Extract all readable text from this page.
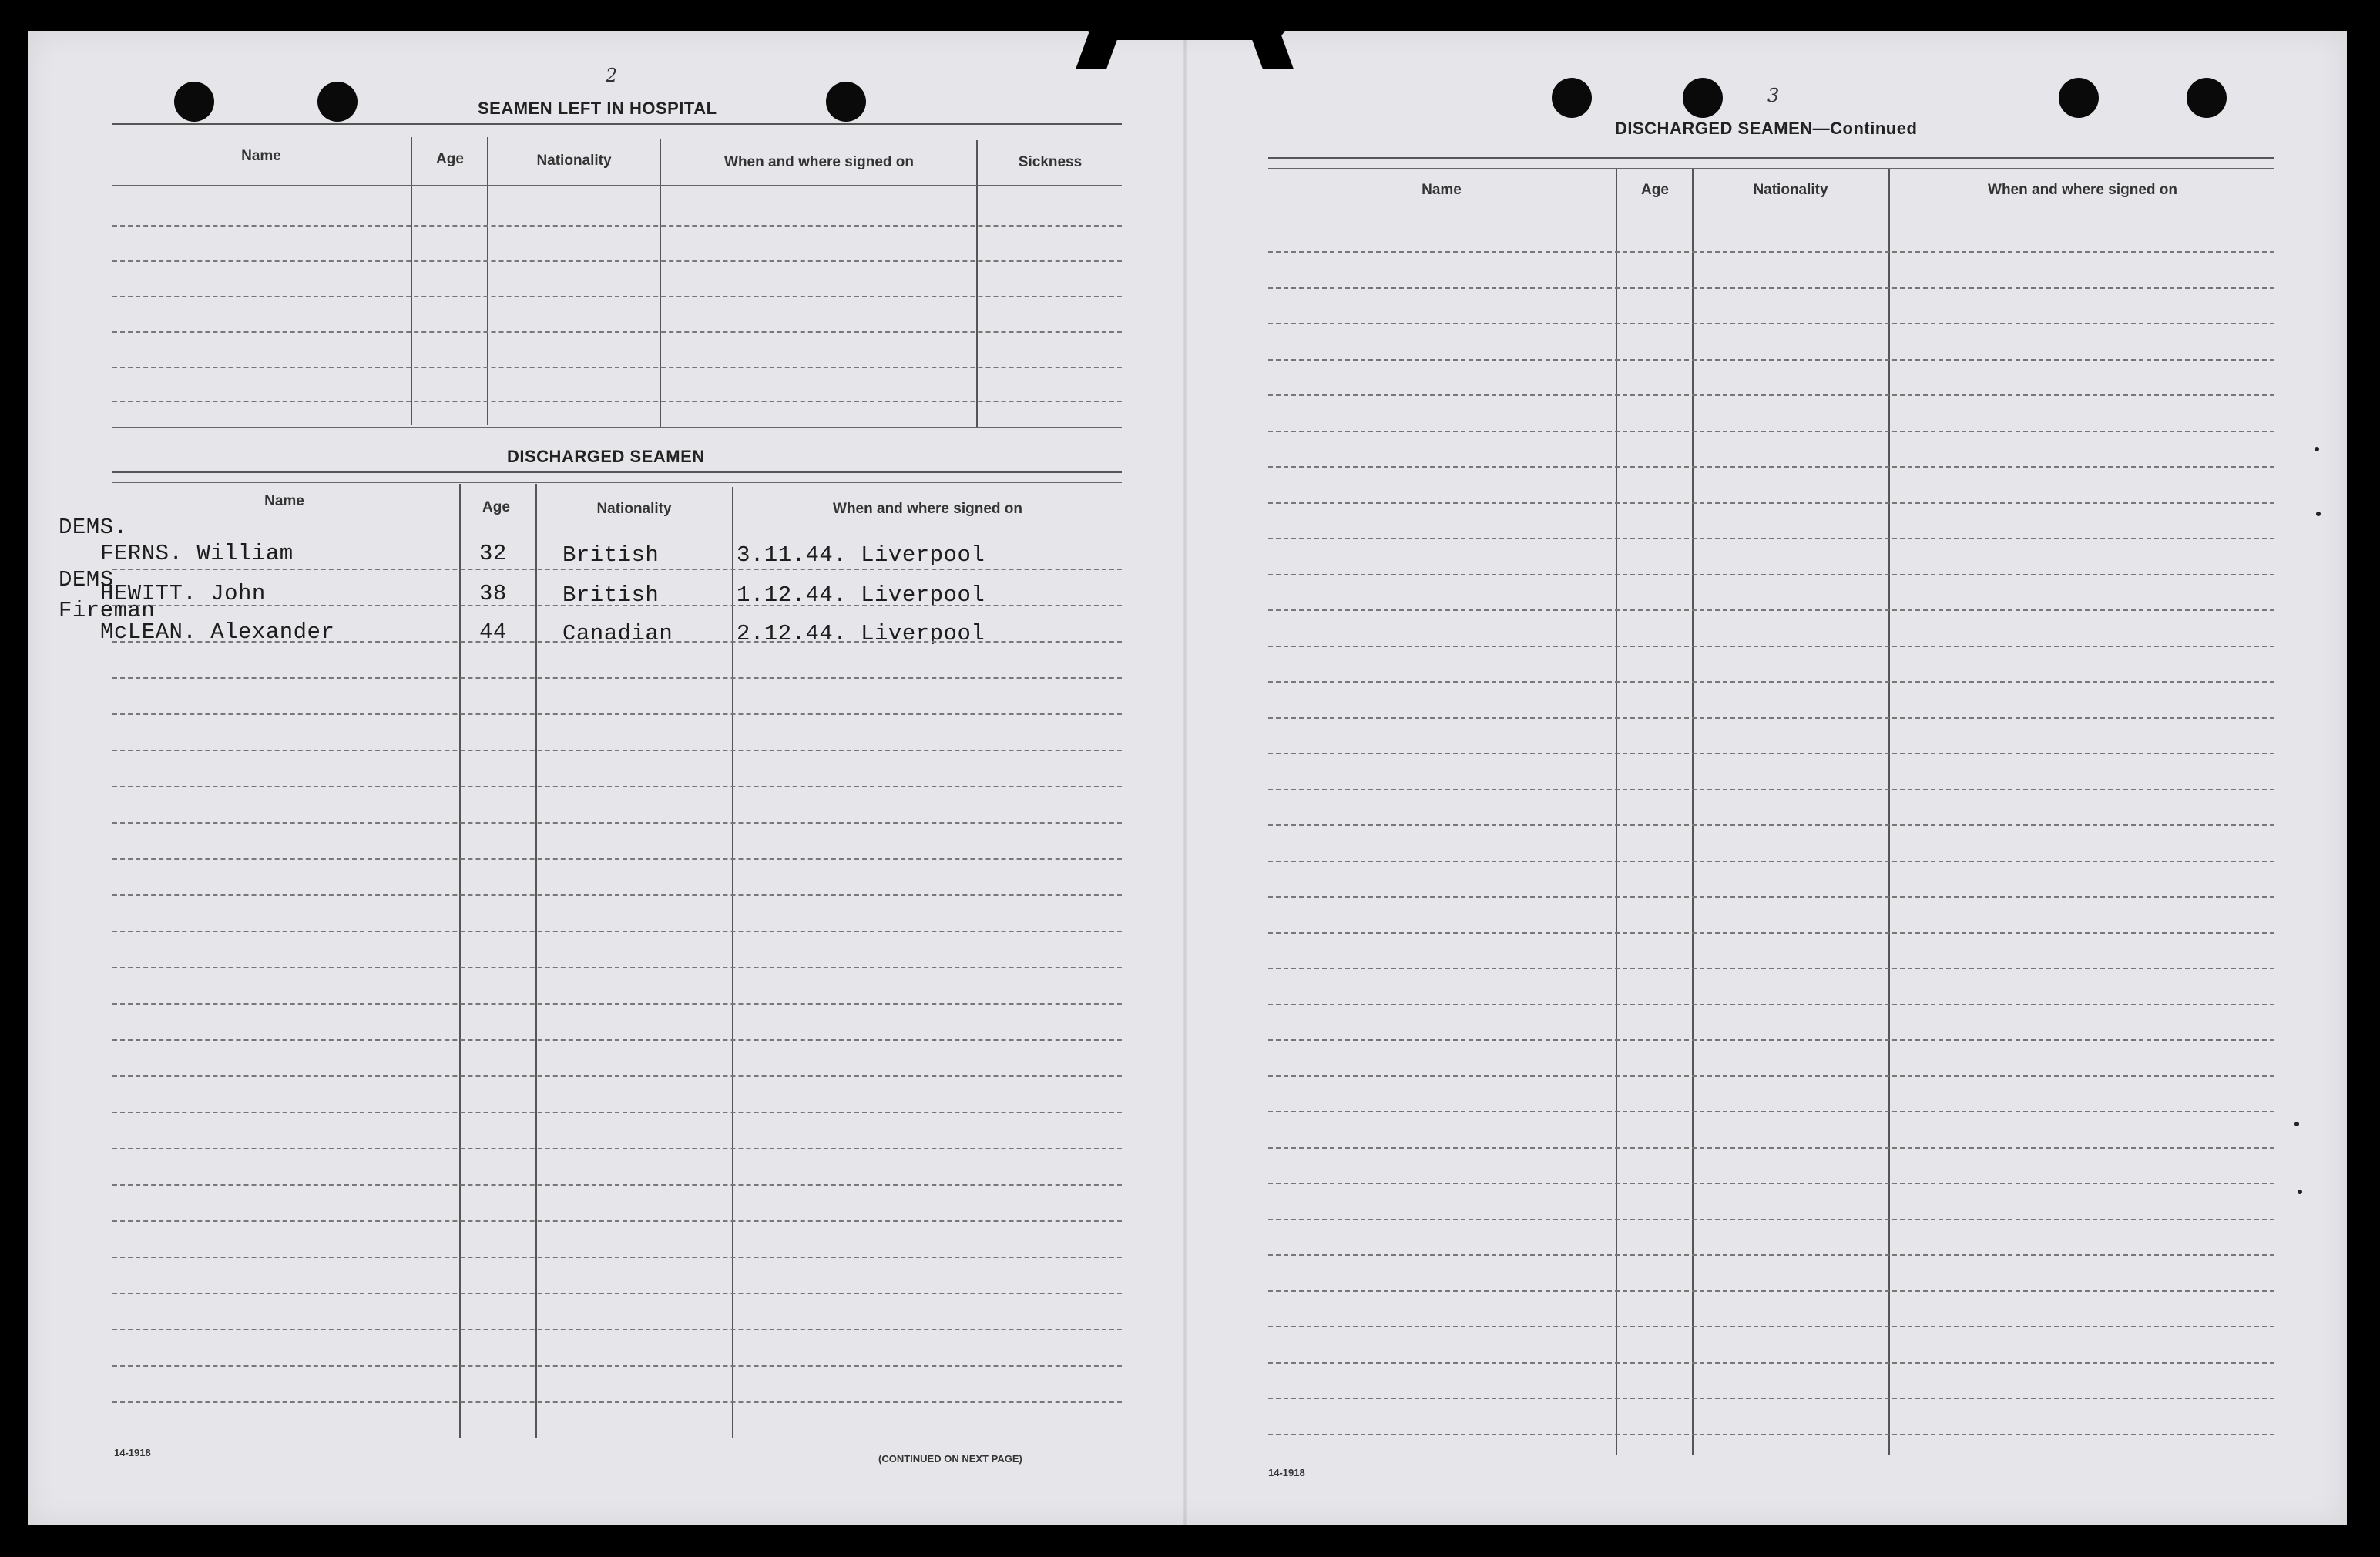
2
SEAMEN LEFT IN HOSPITAL
Name	Age	Nationality	When and where signed on	Sickness
DISCHARGED SEAMEN
Name	Age	Nationality	When and where signed on
DEMS.
FERNS. William	32 British	3.11.44. Liverpool
DEMS
HEWITT. John	38 British	1.12.44. Liverpool
Fireman
McLEAN. Alexander	44 Canadian	2.12.44. Liverpool
14-1918
(CONTINUED ON NEXT PAGE)
3
DISCHARGED SEAMEN—Continued
Name	Age	Nationality	When and where signed on
14-1918
